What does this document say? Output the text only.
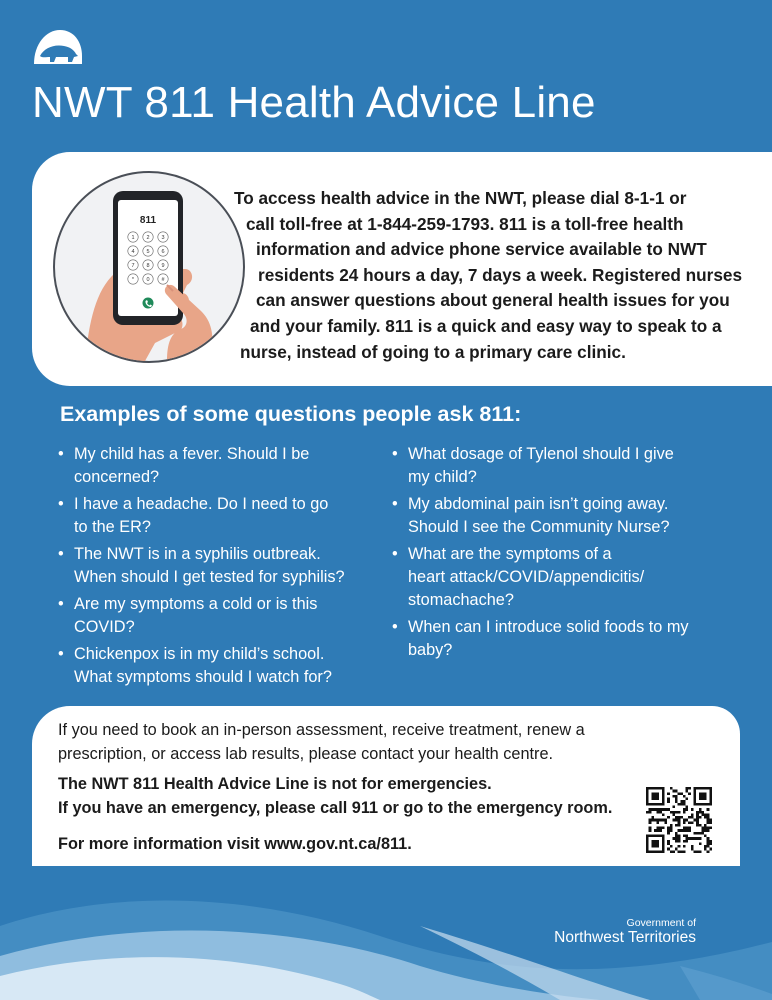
NWT 811 Health Advice Line
811
1 2 3
4 5 6
7 8 9
* 0 #

To access health advice in the NWT, please dial 8-1-1 or
call toll-free at 1-844-259-1793. 811 is a toll-free health
information and advice phone service available to NWT
residents 24 hours a day, 7 days a week. Registered nurses
can answer questions about general health issues for you
and your family. 811 is a quick and easy way to speak to a
nurse, instead of going to a primary care clinic.

Examples of some questions people ask 811:
• My child has a fever. Should I be
concerned?
• I have a headache. Do I need to go
to the ER?
• The NWT is in a syphilis outbreak.
When should I get tested for syphilis?
• Are my symptoms a cold or is this
COVID?
• Chickenpox is in my child’s school.
What symptoms should I watch for?
• What dosage of Tylenol should I give
my child?
• My abdominal pain isn’t going away.
Should I see the Community Nurse?
• What are the symptoms of a
heart attack/COVID/appendicitis/
stomachache?
• When can I introduce solid foods to my
baby?

If you need to book an in-person assessment, receive treatment, renew a

prescription, or access lab results, please contact your health centre.

The NWT 811 Health Advice Line is not for emergencies.

If you have an emergency, please call 911 or go to the emergency room.

For more information visit www.gov.nt.ca/811.

Government of

Northwest Territories
